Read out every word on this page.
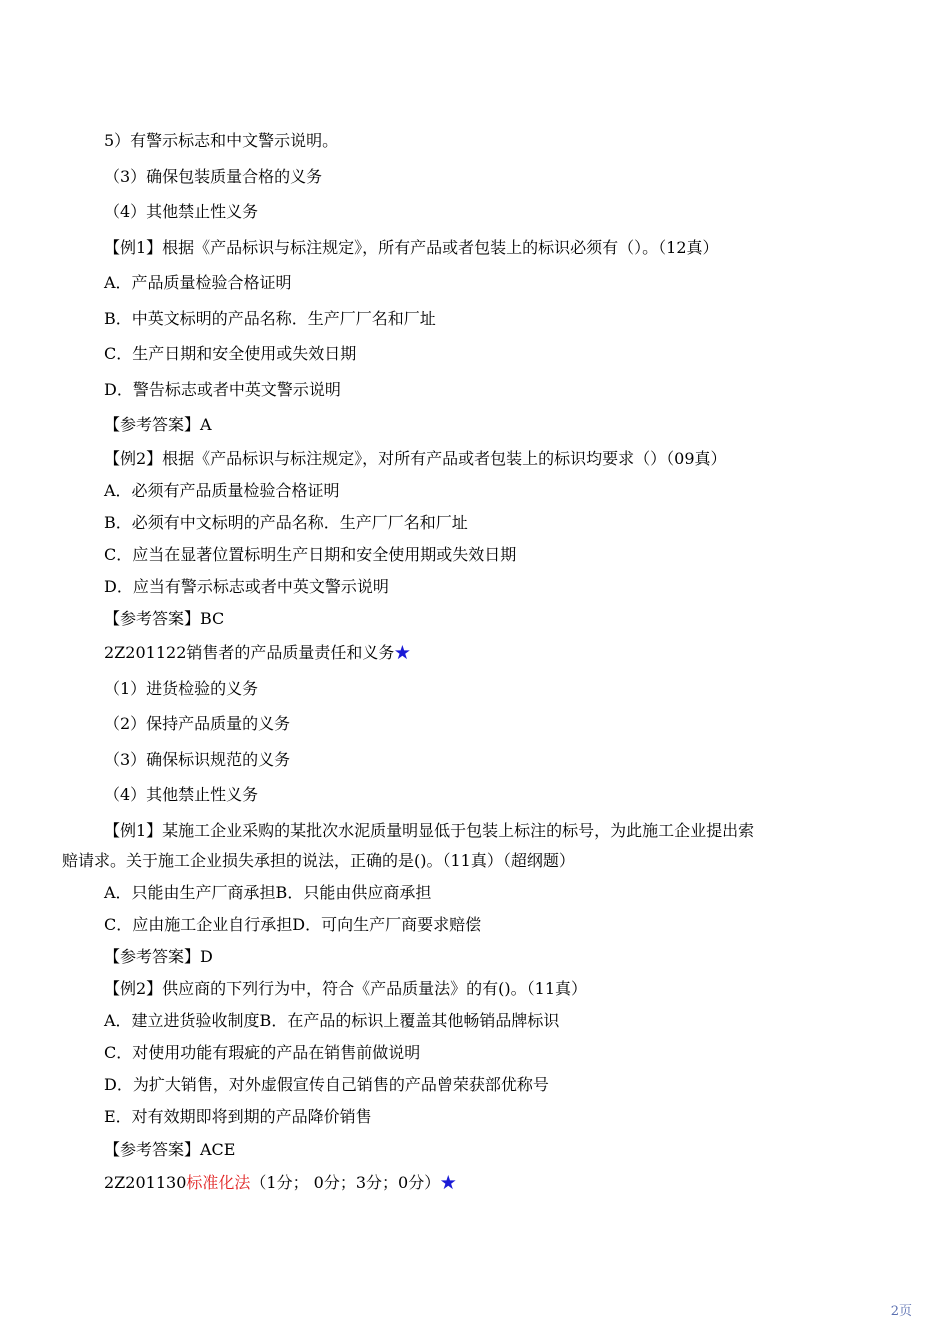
5）有警示标志和中文警示说明。
（3）确保包装质量合格的义务
（4）其他禁止性义务
【例1】根据《产品标识与标注规定》，所有产品或者包装上的标识必须有（）。（12真）
A．产品质量检验合格证明
B．中英文标明的产品名称．生产厂厂名和厂址
C．生产日期和安全使用或失效日期
D．警告标志或者中英文警示说明
【参考答案】A
【例2】根据《产品标识与标注规定》，对所有产品或者包装上的标识均要求（）（09真）
A．必须有产品质量检验合格证明
B．必须有中文标明的产品名称．生产厂厂名和厂址
C．应当在显著位置标明生产日期和安全使用期或失效日期
D．应当有警示标志或者中英文警示说明
【参考答案】BC
2Z201122销售者的产品质量责任和义务★
（1）进货检验的义务
（2）保持产品质量的义务
（3）确保标识规范的义务
（4）其他禁止性义务
【例1】某施工企业采购的某批次水泥质量明显低于包装上标注的标号，为此施工企业提出索
赔请求。关于施工企业损失承担的说法，正确的是()。（11真）（超纲题）
A．只能由生产厂商承担B．只能由供应商承担
C．应由施工企业自行承担D．可向生产厂商要求赔偿
【参考答案】D
【例2】供应商的下列行为中，符合《产品质量法》的有()。（11真）
A．建立进货验收制度B．在产品的标识上覆盖其他畅销品牌标识
C．对使用功能有瑕疵的产品在销售前做说明
D．为扩大销售，对外虚假宣传自己销售的产品曾荣获部优称号
E．对有效期即将到期的产品降价销售
【参考答案】ACE
2Z201130标准化法（1分； 0分；3分；0分）★
2页
